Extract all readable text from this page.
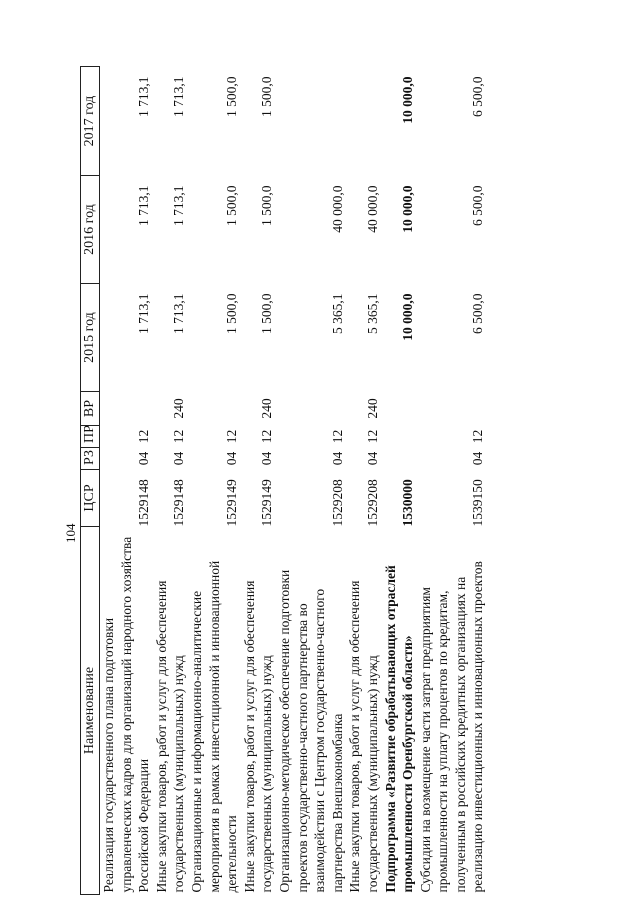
104
Наименование	ЦСР	РЗ	ПР	ВР	2015 год	2016 год	2017 год
Реализация государственного плана подготовки управленческих кадров для организаций народного хозяйства Российской Федерации	1529148	04	12		1 713,1	1 713,1	1 713,1
Иные закупки товаров, работ и услуг для обеспечения государственных (муниципальных) нужд	1529148	04	12	240	1 713,1	1 713,1	1 713,1
Организационные и информационно-аналитические мероприятия в рамках инвестиционной и инновационной деятельности	1529149	04	12		1 500,0	1 500,0	1 500,0
Иные закупки товаров, работ и услуг для обеспечения государственных (муниципальных) нужд	1529149	04	12	240	1 500,0	1 500,0	1 500,0
Организационно-методическое обеспечение подготовки проектов государственно-частного партнерства во взаимодействии с Центром государственно-частного партнерства Внешэкономбанка	1529208	04	12		5 365,1	40 000,0	
Иные закупки товаров, работ и услуг для обеспечения государственных (муниципальных) нужд	1529208	04	12	240	5 365,1	40 000,0	
Подпрограмма «Развитие обрабатывающих отраслей промышленности Оренбургской области»	1530000				10 000,0	10 000,0	10 000,0
Субсидии на возмещение части затрат предприятиям промышленности на уплату процентов по кредитам, полученным в российских кредитных организациях на реализацию инвестиционных и инновационных проектов	1539150	04	12		6 500,0	6 500,0	6 500,0
